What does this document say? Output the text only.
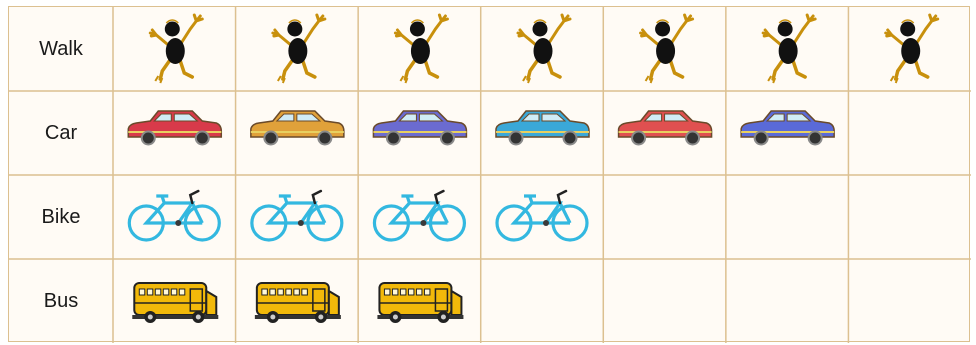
Walk
Car
Bike
Bus
